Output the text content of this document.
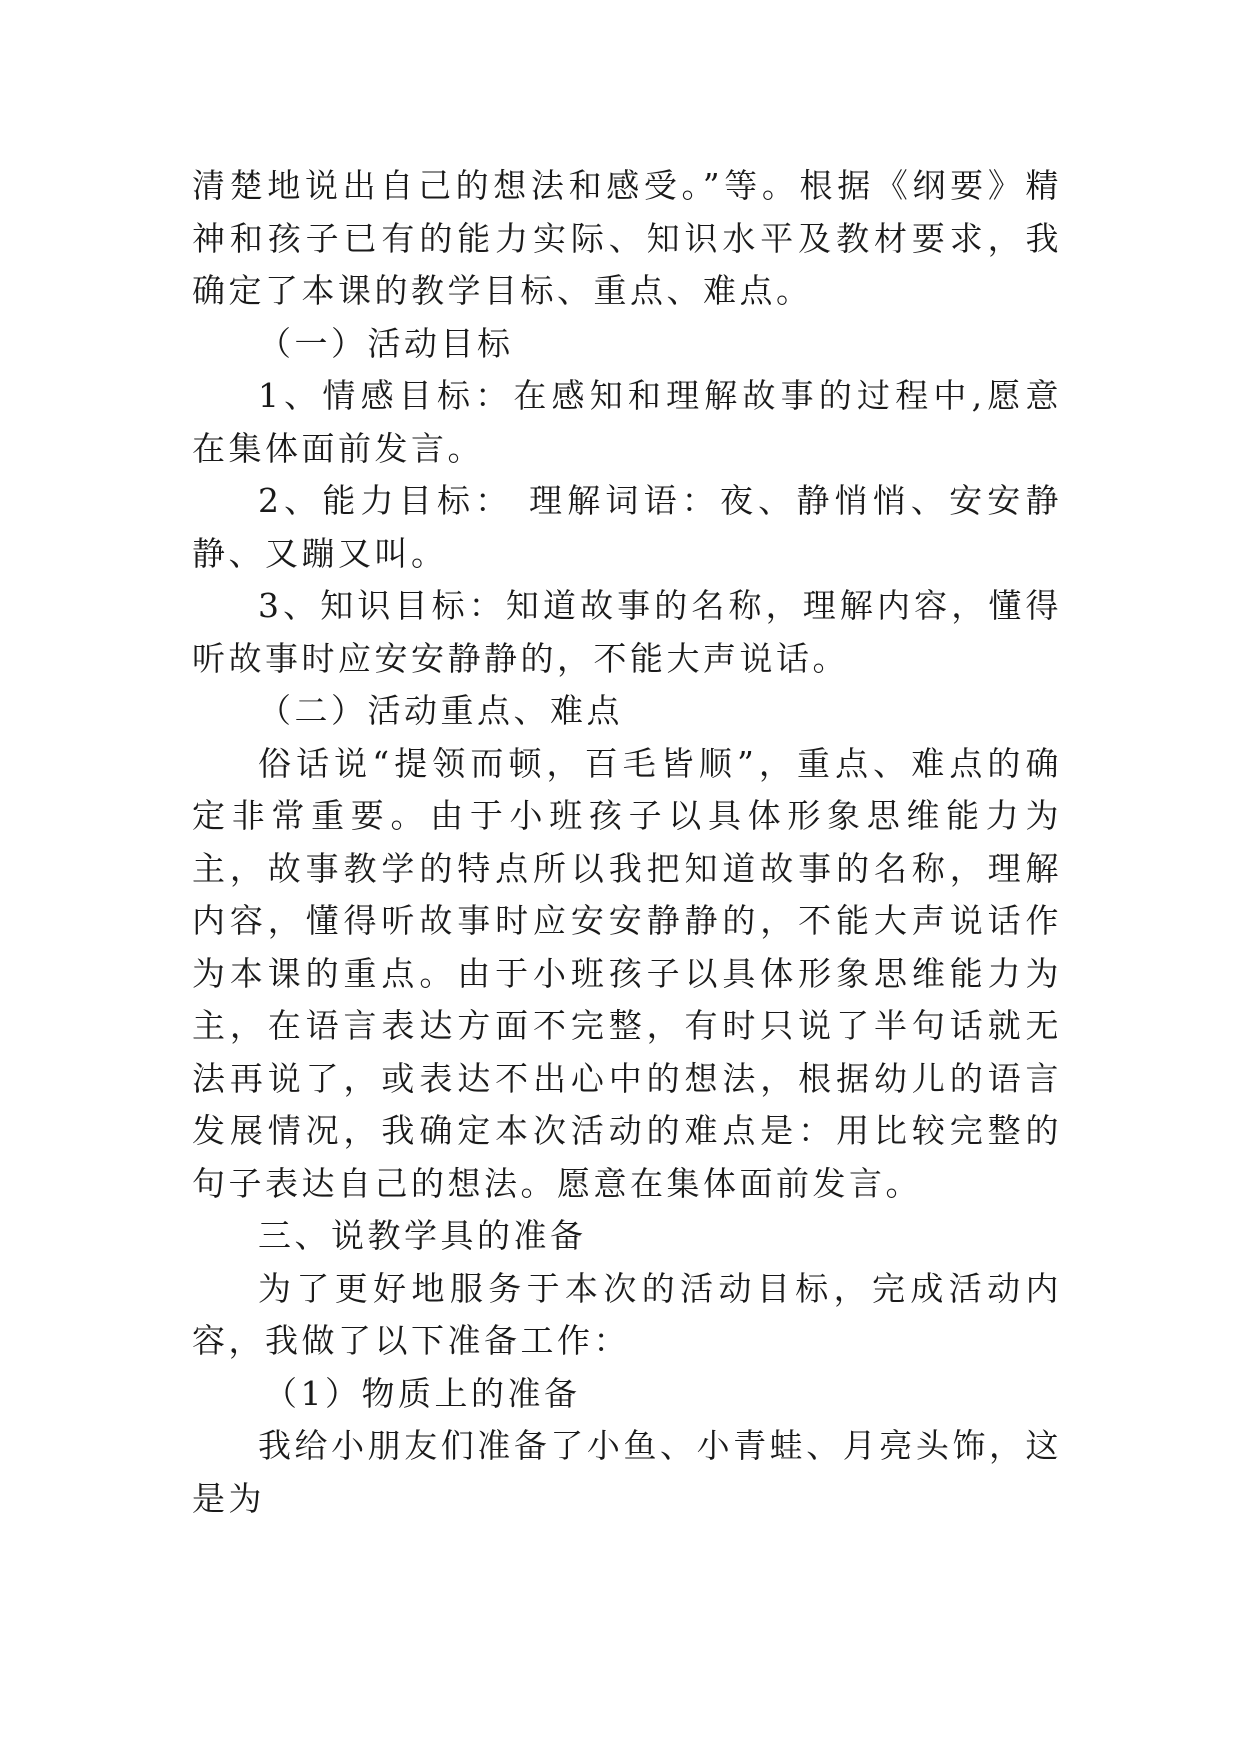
清楚地说出自己的想法和感受。”等。根据《纲要》精神和孩子已有的能力实际、知识水平及教材要求，我确定了本课的教学目标、重点、难点。

（一）活动目标

1、情感目标：在感知和理解故事的过程中,愿意在集体面前发言。

2、能力目标： 理解词语：夜、静悄悄、安安静静、又蹦又叫。

3、知识目标：知道故事的名称，理解内容，懂得听故事时应安安静静的，不能大声说话。

（二）活动重点、难点

俗话说“提领而顿，百毛皆顺”，重点、难点的确定非常重要。由于小班孩子以具体形象思维能力为主，故事教学的特点所以我把知道故事的名称，理解内容，懂得听故事时应安安静静的，不能大声说话作为本课的重点。由于小班孩子以具体形象思维能力为主，在语言表达方面不完整，有时只说了半句话就无法再说了，或表达不出心中的想法，根据幼儿的语言发展情况，我确定本次活动的难点是：用比较完整的句子表达自己的想法。愿意在集体面前发言。

三、说教学具的准备

为了更好地服务于本次的活动目标，完成活动内容，我做了以下准备工作：

（1）物质上的准备

我给小朋友们准备了小鱼、小青蛙、月亮头饰，这是为
